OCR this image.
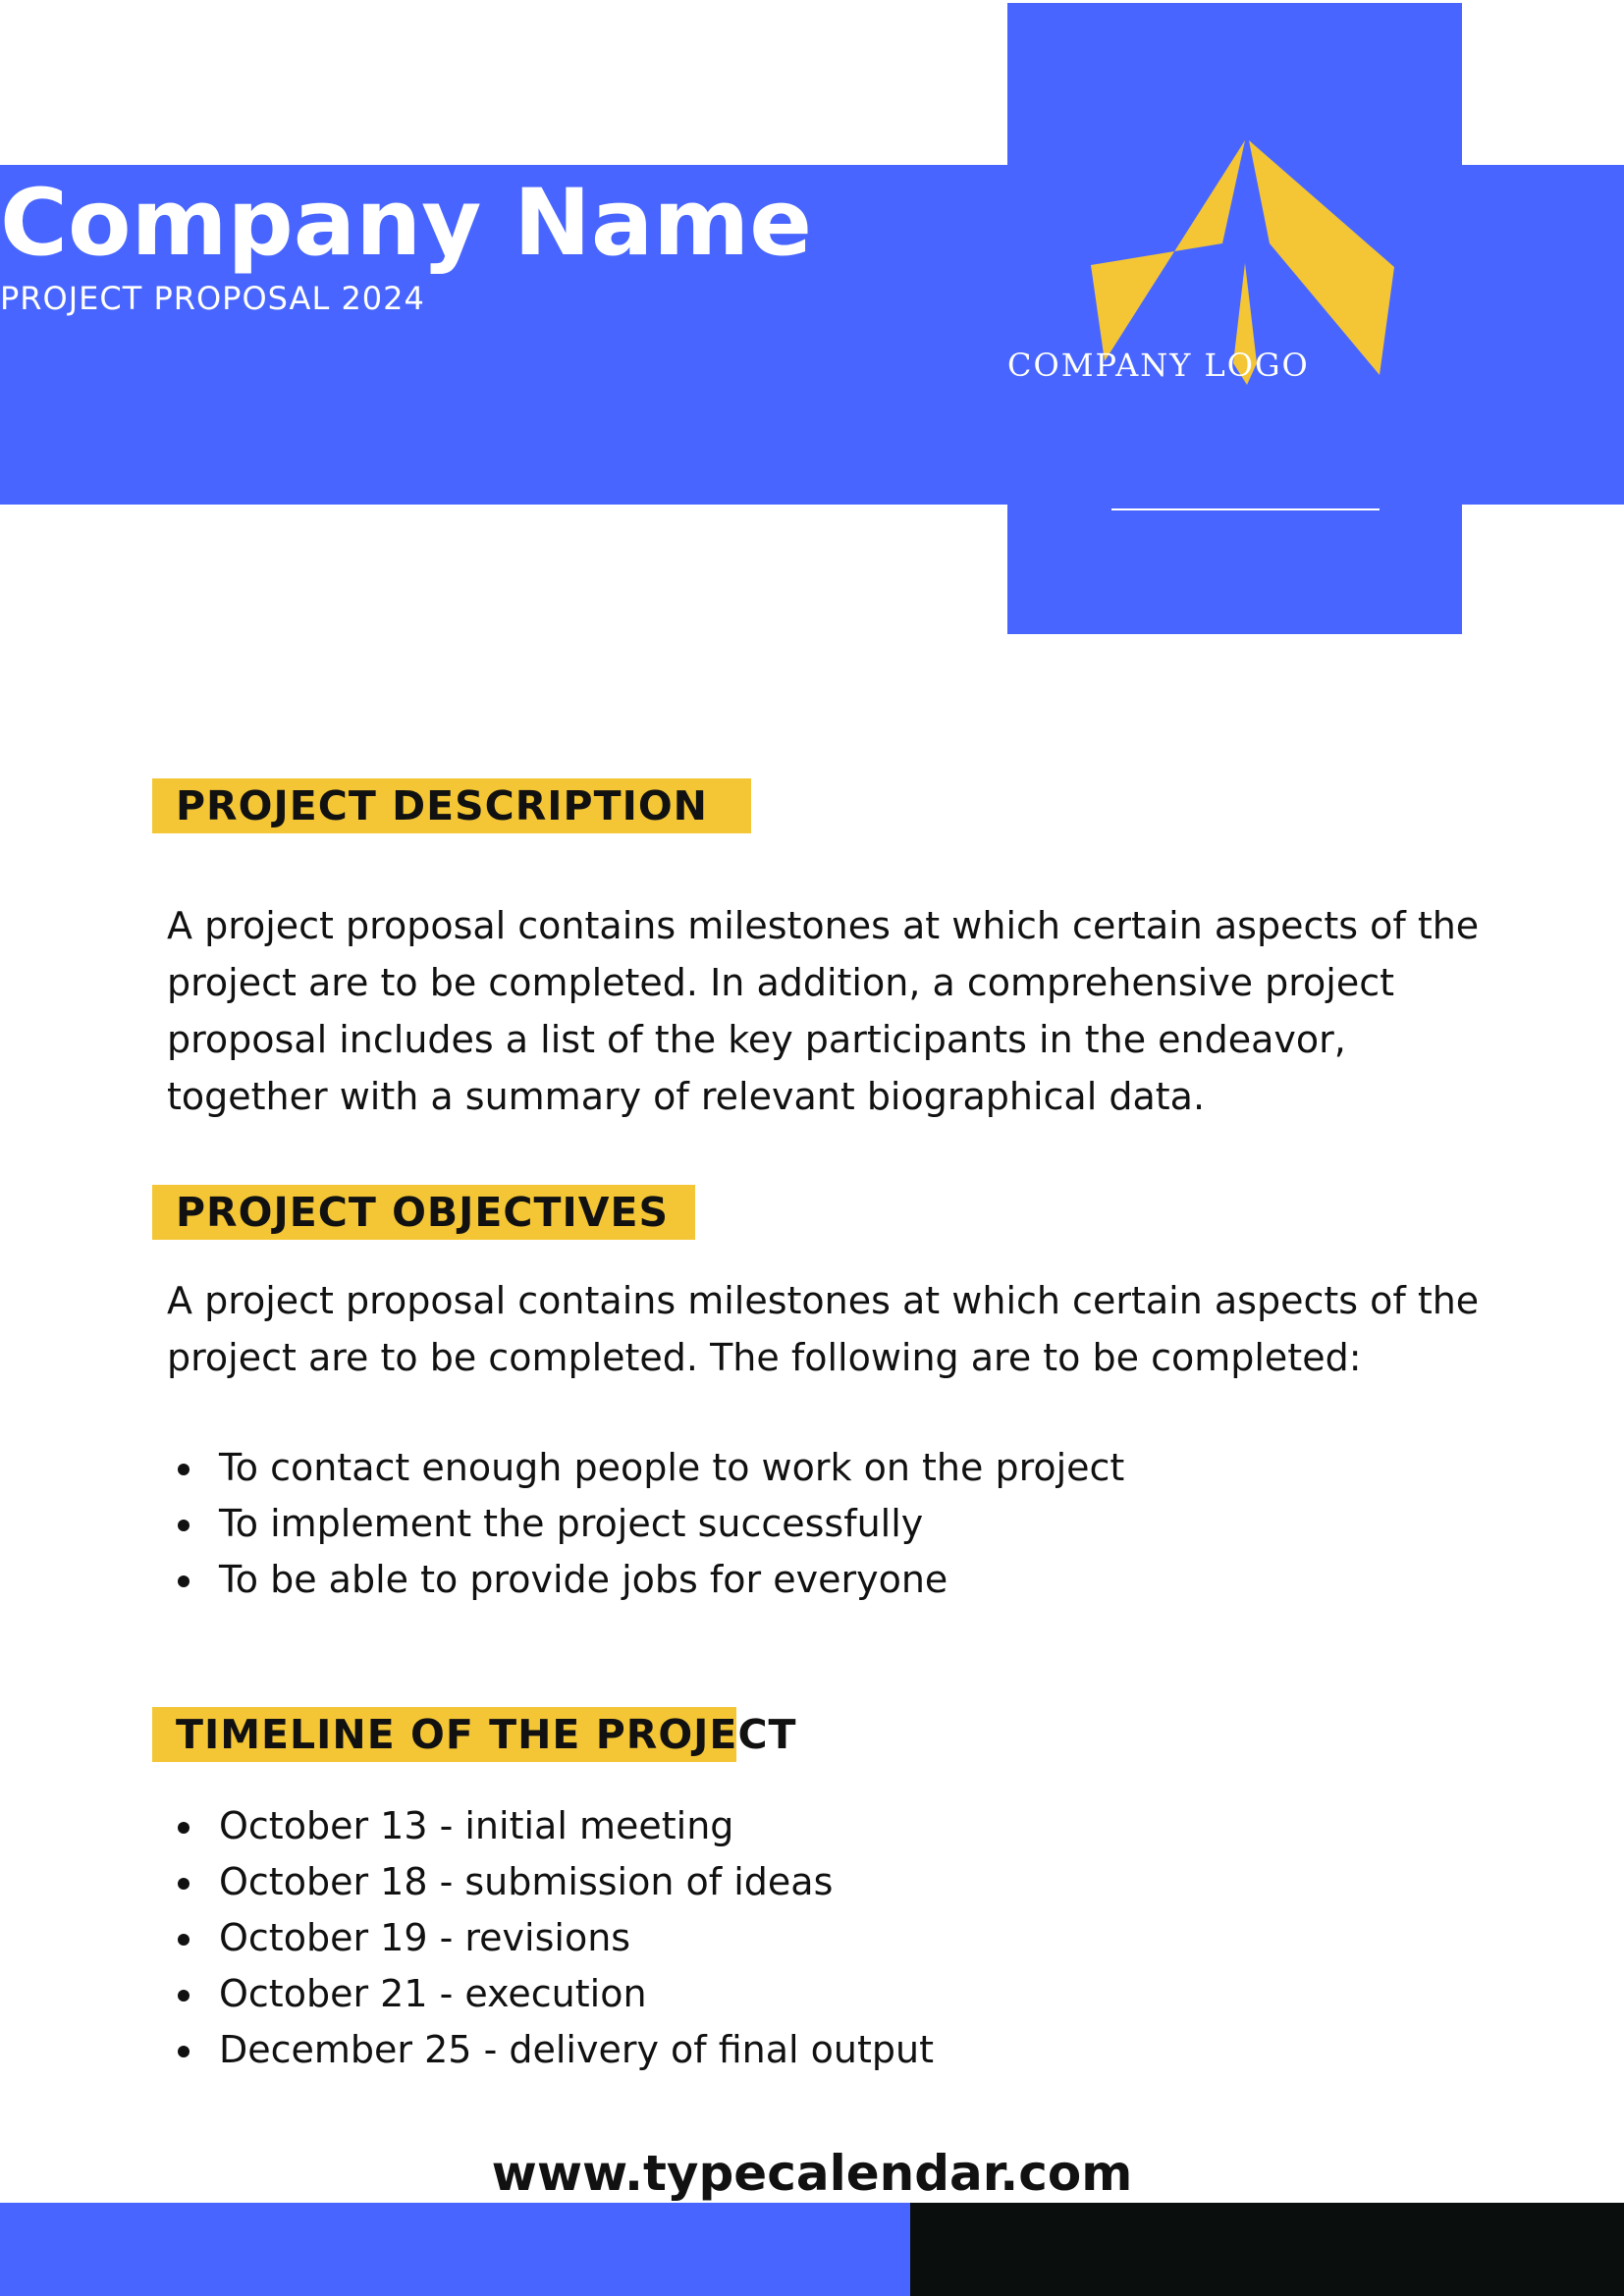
Company Name

PROJECT PROPOSAL 2024

COMPANY LOGO

PROJECT DESCRIPTION

A project proposal contains milestones at which certain aspects of the project are to be completed. In addition, a comprehensive project proposal includes a list of the key participants in the endeavor, together with a summary of relevant biographical data.

PROJECT OBJECTIVES

A project proposal contains milestones at which certain aspects of the project are to be completed. The following are to be completed:

To contact enough people to work on the project
To implement the project successfully
To be able to provide jobs for everyone
TIMELINE OF THE PROJECT
October 13 - initial meeting
October 18 - submission of ideas
October 19 - revisions
October 21 - execution
December 25 - delivery of final output

www.typecalendar.com
